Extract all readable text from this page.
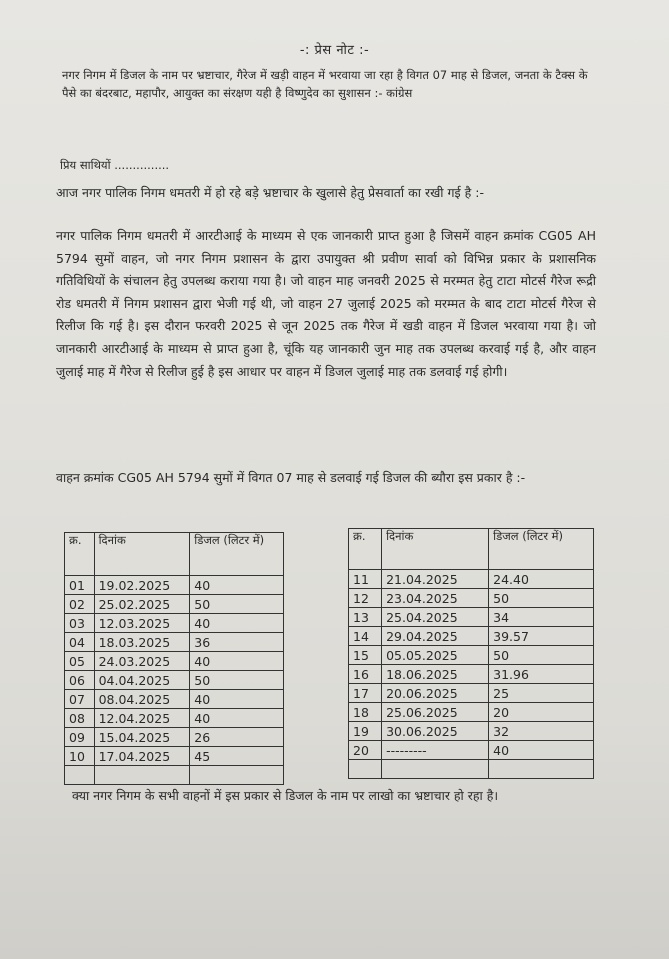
-: प्रेस नोट :-
नगर निगम में डिजल के नाम पर भ्रष्टाचार, गैरेज में खड़ी वाहन में भरवाया जा रहा है विगत 07 माह से डिजल, जनता के टैक्स के पैसे का बंदरबाट, महापौर, आयुक्त का संरक्षण यही है विष्णुदेव का सुशासन :- कांग्रेस
प्रिय साथियों ...............
आज नगर पालिक निगम धमतरी में हो रहे बड़े भ्रष्टाचार के खुलासे हेतु प्रेसवार्ता का रखी गई है :-
नगर पालिक निगम धमतरी में आरटीआई के माध्यम से एक जानकारी प्राप्त हुआ है जिसमें वाहन क्रमांक CG05 AH 5794 सुमों वाहन, जो नगर निगम प्रशासन के द्वारा उपायुक्त श्री प्रवीण सार्वा को विभिन्न प्रकार के प्रशासनिक गतिविधियों के संचालन हेतु उपलब्ध कराया गया है। जो वाहन माह जनवरी 2025 से मरम्मत हेतु टाटा मोटर्स गैरेज रूद्री रोड धमतरी में निगम प्रशासन द्वारा भेजी गई थी, जो वाहन 27 जुलाई 2025 को मरम्मत के बाद टाटा मोटर्स गैरेज से रिलीज कि गई है। इस दौरान फरवरी 2025 से जून 2025 तक गैरेज में खडी वाहन में डिजल भरवाया गया है। जो जानकारी आरटीआई के माध्यम से प्राप्त हुआ है, चूंकि यह जानकारी जुन माह तक उपलब्ध करवाई गई है, और वाहन जुलाई माह में गैरेज से रिलीज हुई है इस आधार पर वाहन में डिजल जुलाई माह तक डलवाई गई होगी।
वाहन क्रमांक CG05 AH 5794 सुमों में विगत 07 माह से डलवाई गई डिजल की ब्यौरा इस प्रकार है :-
क्र.	दिनांक	डिजल (लिटर में)
01	19.02.2025	40
02	25.02.2025	50
03	12.03.2025	40
04	18.03.2025	36
05	24.03.2025	40
06	04.04.2025	50
07	08.04.2025	40
08	12.04.2025	40
09	15.04.2025	26
10	17.04.2025	45

क्र.	दिनांक	डिजल (लिटर में)
11	21.04.2025	24.40
12	23.04.2025	50
13	25.04.2025	34
14	29.04.2025	39.57
15	05.05.2025	50
16	18.06.2025	31.96
17	20.06.2025	25
18	25.06.2025	20
19	30.06.2025	32
20	---------	40

क्या नगर निगम के सभी वाहनों में इस प्रकार से डिजल के नाम पर लाखो का भ्रष्टाचार हो रहा है।
